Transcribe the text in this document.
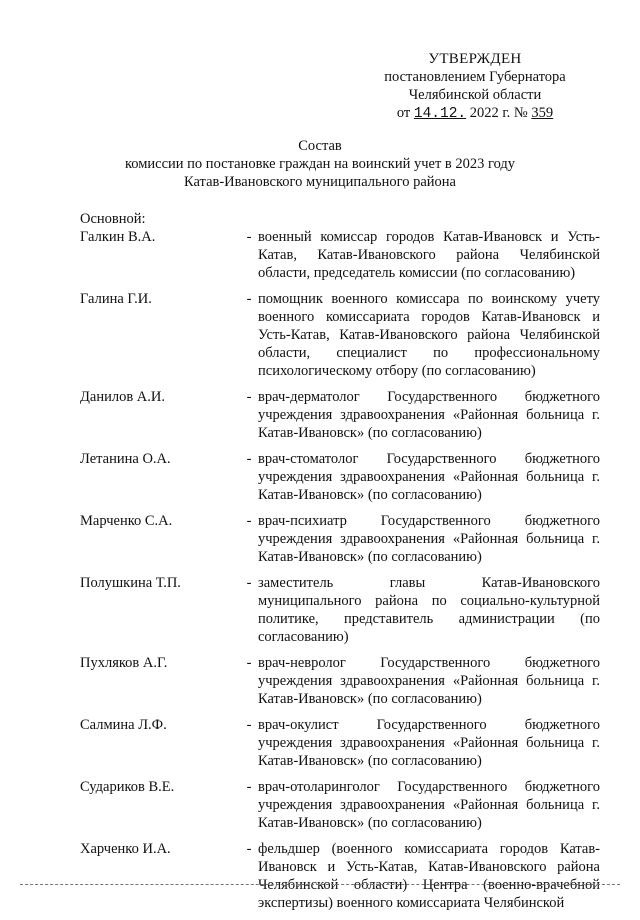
УТВЕРЖДЕН
постановлением Губернатора
Челябинской области
от 14.12. 2022 г. № 359
Состав
комиссии по постановке граждан на воинский учет в 2023 году
Катав-Ивановского муниципального района
Основной:
Галкин В.А.	- военный комиссар городов Катав-Ивановск и Усть-Катав, Катав-Ивановского района Челябинской области, председатель комиссии (по согласованию)
Галина Г.И.	- помощник военного комиссара по воинскому учету военного комиссариата городов Катав-Ивановск и Усть-Катав, Катав-Ивановского района Челябинской области, специалист по профессиональному психологическому отбору (по согласованию)
Данилов А.И.	- врач-дерматолог Государственного бюджетного учреждения здравоохранения «Районная больница г. Катав-Ивановск» (по согласованию)
Летанина О.А.	- врач-стоматолог Государственного бюджетного учреждения здравоохранения «Районная больница г. Катав-Ивановск» (по согласованию)
Марченко С.А.	- врач-психиатр Государственного бюджетного учреждения здравоохранения «Районная больница г. Катав-Ивановск» (по согласованию)
Полушкина Т.П.	- заместитель главы Катав-Ивановского муниципального района по социально-культурной политике, представитель администрации (по согласованию)
Пухляков А.Г.	- врач-невролог Государственного бюджетного учреждения здравоохранения «Районная больница г. Катав-Ивановск» (по согласованию)
Салмина Л.Ф.	- врач-окулист Государственного бюджетного учреждения здравоохранения «Районная больница г. Катав-Ивановск» (по согласованию)
Судариков В.Е.	- врач-отоларинголог Государственного бюджетного учреждения здравоохранения «Районная больница г. Катав-Ивановск» (по согласованию)
Харченко И.А.	- фельдшер (военного комиссариата городов Катав-Ивановск и Усть-Катав, Катав-Ивановского района Челябинской области) Центра (военно-врачебной экспертизы) военного комиссариата Челябинской
